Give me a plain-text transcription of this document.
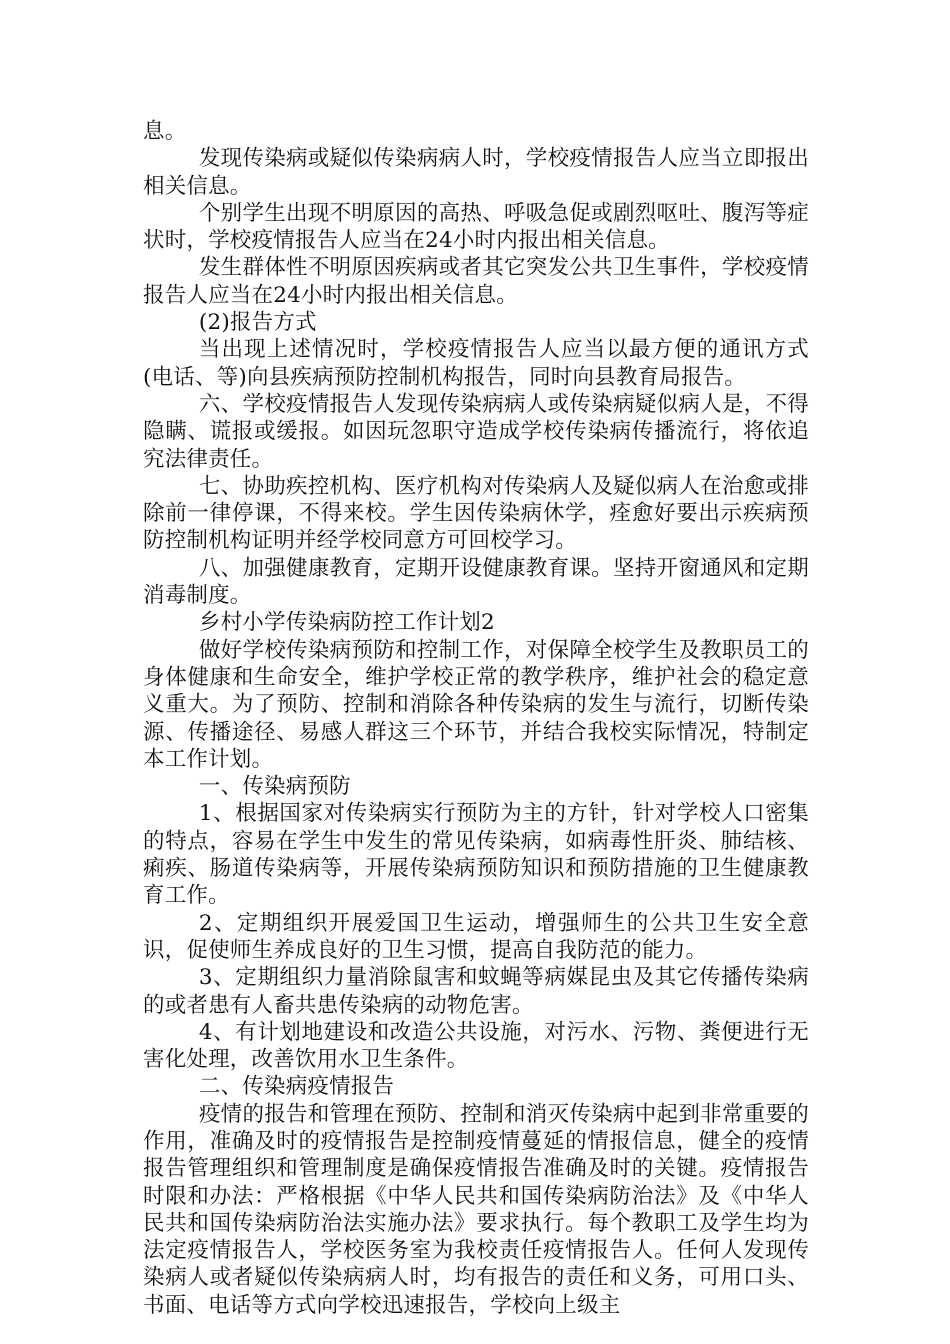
息。

发现传染病或疑似传染病病人时，学校疫情报告人应当立即报出相关信息。

个别学生出现不明原因的高热、呼吸急促或剧烈呕吐、腹泻等症状时，学校疫情报告人应当在24小时内报出相关信息。

发生群体性不明原因疾病或者其它突发公共卫生事件，学校疫情报告人应当在24小时内报出相关信息。

(2)报告方式

当出现上述情况时，学校疫情报告人应当以最方便的通讯方式(电话、等)向县疾病预防控制机构报告，同时向县教育局报告。

六、学校疫情报告人发现传染病病人或传染病疑似病人是，不得隐瞒、谎报或缓报。如因玩忽职守造成学校传染病传播流行，将依追究法律责任。

七、协助疾控机构、医疗机构对传染病人及疑似病人在治愈或排除前一律停课，不得来校。学生因传染病休学，痊愈好要出示疾病预防控制机构证明并经学校同意方可回校学习。

八、加强健康教育，定期开设健康教育课。坚持开窗通风和定期消毒制度。

乡村小学传染病防控工作计划2

做好学校传染病预防和控制工作，对保障全校学生及教职员工的身体健康和生命安全，维护学校正常的教学秩序，维护社会的稳定意义重大。为了预防、控制和消除各种传染病的发生与流行，切断传染源、传播途径、易感人群这三个环节，并结合我校实际情况，特制定本工作计划。

一、传染病预防

1、根据国家对传染病实行预防为主的方针，针对学校人口密集的特点，容易在学生中发生的常见传染病，如病毒性肝炎、肺结核、痢疾、肠道传染病等，开展传染病预防知识和预防措施的卫生健康教育工作。

2、定期组织开展爱国卫生运动，增强师生的公共卫生安全意识，促使师生养成良好的卫生习惯，提高自我防范的能力。

3、定期组织力量消除鼠害和蚊蝇等病媒昆虫及其它传播传染病的或者患有人畜共患传染病的动物危害。

4、有计划地建设和改造公共设施，对污水、污物、粪便进行无害化处理，改善饮用水卫生条件。

二、传染病疫情报告

疫情的报告和管理在预防、控制和消灭传染病中起到非常重要的作用，准确及时的疫情报告是控制疫情蔓延的情报信息，健全的疫情报告管理组织和管理制度是确保疫情报告准确及时的关键。疫情报告时限和办法：严格根据《中华人民共和国传染病防治法》及《中华人民共和国传染病防治法实施办法》要求执行。每个教职工及学生均为法定疫情报告人，学校医务室为我校责任疫情报告人。任何人发现传染病人或者疑似传染病病人时，均有报告的责任和义务，可用口头、书面、电话等方式向学校迅速报告，学校向上级主
